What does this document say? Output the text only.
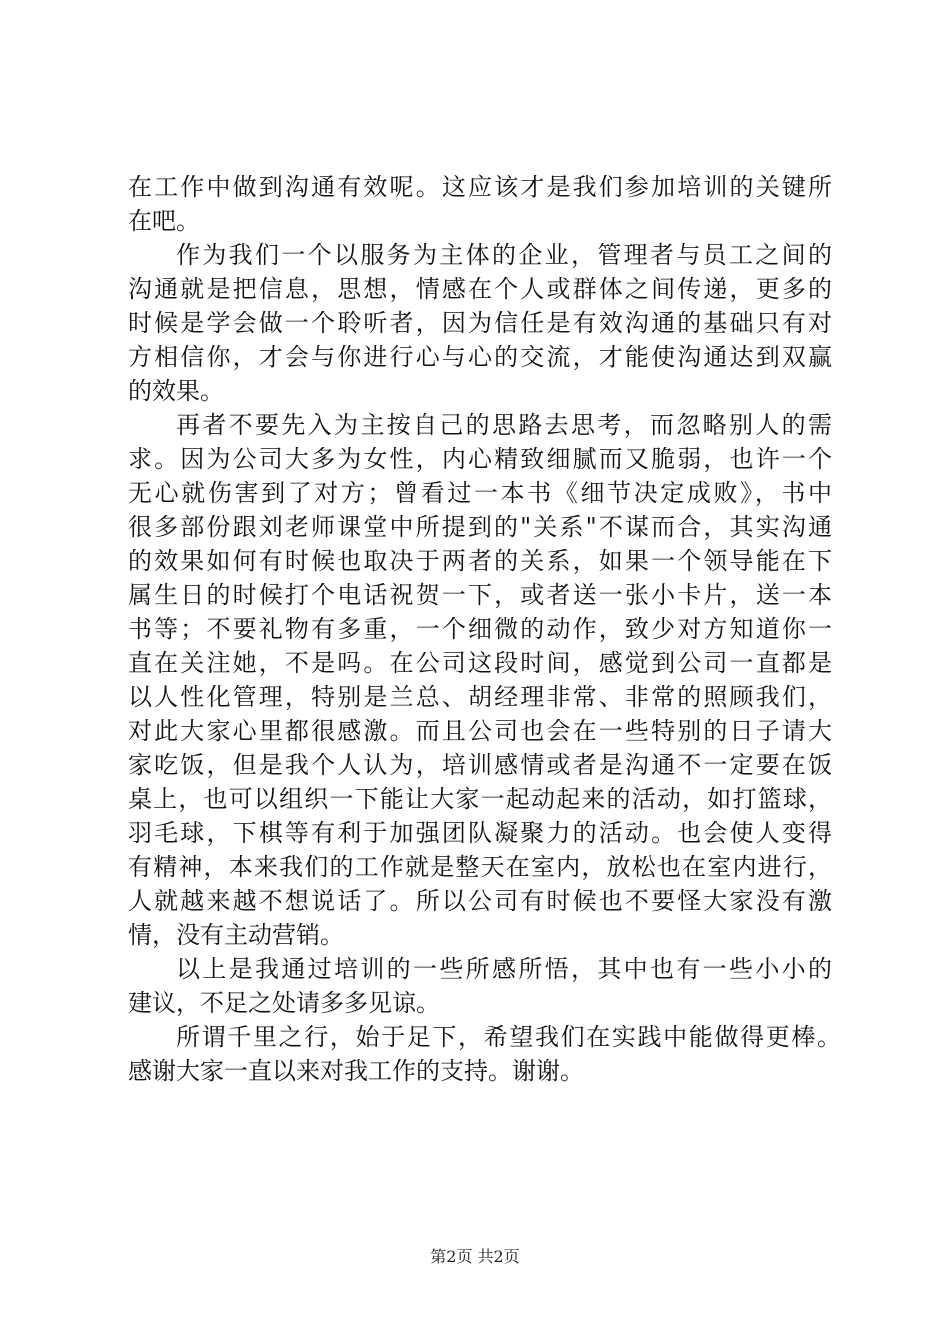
在工作中做到沟通有效呢。这应该才是我们参加培训的关键所
在吧。
作为我们一个以服务为主体的企业，管理者与员工之间的
沟通就是把信息，思想，情感在个人或群体之间传递，更多的
时候是学会做一个聆听者，因为信任是有效沟通的基础只有对
方相信你，才会与你进行心与心的交流，才能使沟通达到双赢
的效果。
再者不要先入为主按自己的思路去思考，而忽略别人的需
求。因为公司大多为女性，内心精致细腻而又脆弱，也许一个
无心就伤害到了对方；曾看过一本书《细节决定成败》，书中
很多部份跟刘老师课堂中所提到的"关系"不谋而合，其实沟通
的效果如何有时候也取决于两者的关系，如果一个领导能在下
属生日的时候打个电话祝贺一下，或者送一张小卡片，送一本
书等；不要礼物有多重，一个细微的动作，致少对方知道你一
直在关注她，不是吗。在公司这段时间，感觉到公司一直都是
以人性化管理，特别是兰总、胡经理非常、非常的照顾我们，
对此大家心里都很感激。而且公司也会在一些特别的日子请大
家吃饭，但是我个人认为，培训感情或者是沟通不一定要在饭
桌上，也可以组织一下能让大家一起动起来的活动，如打篮球，
羽毛球，下棋等有利于加强团队凝聚力的活动。也会使人变得
有精神，本来我们的工作就是整天在室内，放松也在室内进行，
人就越来越不想说话了。所以公司有时候也不要怪大家没有激
情，没有主动营销。
以上是我通过培训的一些所感所悟，其中也有一些小小的
建议，不足之处请多多见谅。
所谓千里之行，始于足下，希望我们在实践中能做得更棒。
感谢大家一直以来对我工作的支持。谢谢。
第2页 共2页
